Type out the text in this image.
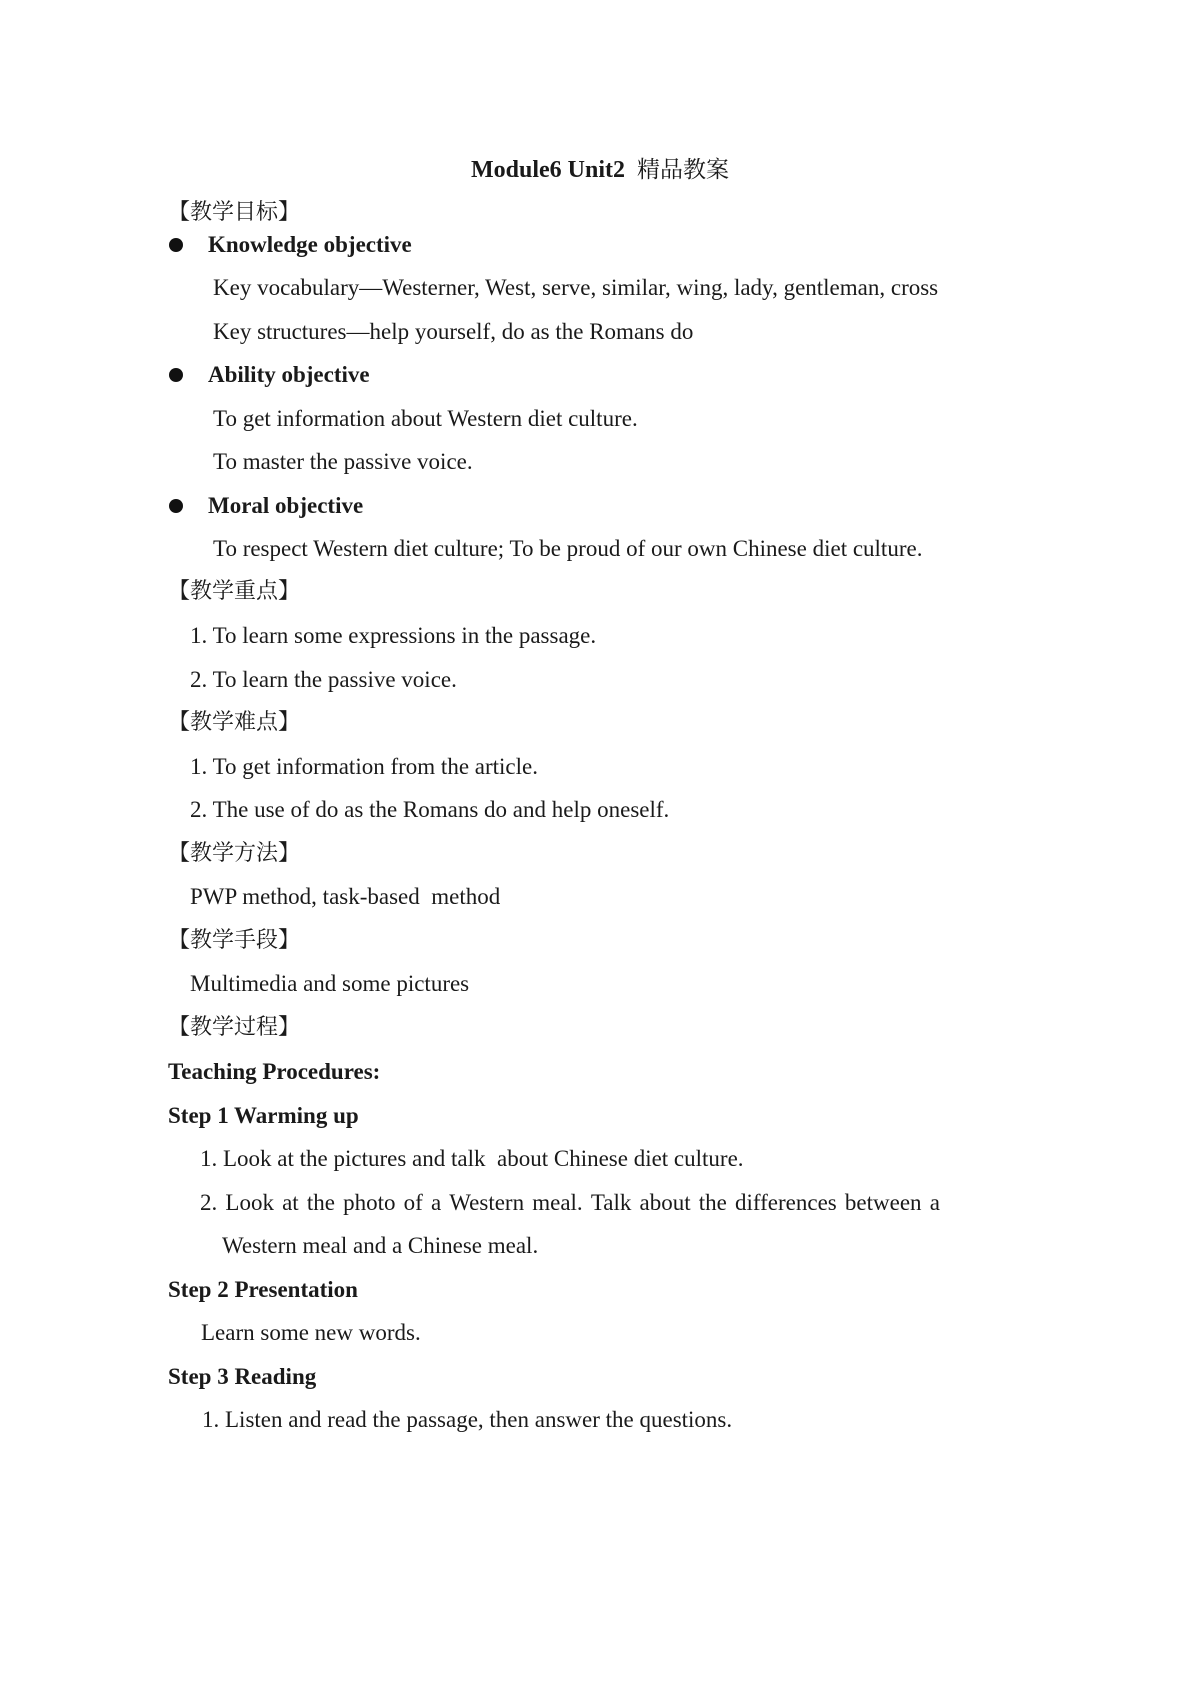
Module6 Unit2 精品教案
【教学目标】
Knowledge objective
Key vocabulary—Westerner, West, serve, similar, wing, lady, gentleman, cross
Key structures—help yourself, do as the Romans do
Ability objective
To get information about Western diet culture.
To master the passive voice.
Moral objective
To respect Western diet culture; To be proud of our own Chinese diet culture.
【教学重点】
1. To learn some expressions in the passage.
2. To learn the passive voice.
【教学难点】
1. To get information from the article.
2. The use of do as the Romans do and help oneself.
【教学方法】
PWP method, task-based  method
【教学手段】
Multimedia and some pictures
【教学过程】
Teaching Procedures:
Step 1 Warming up
1. Look at the pictures and talk  about Chinese diet culture.
2. Look at the photo of a Western meal. Talk about the differences between a
Western meal and a Chinese meal.
Step 2 Presentation
Learn some new words.
Step 3 Reading
1. Listen and read the passage, then answer the questions.
